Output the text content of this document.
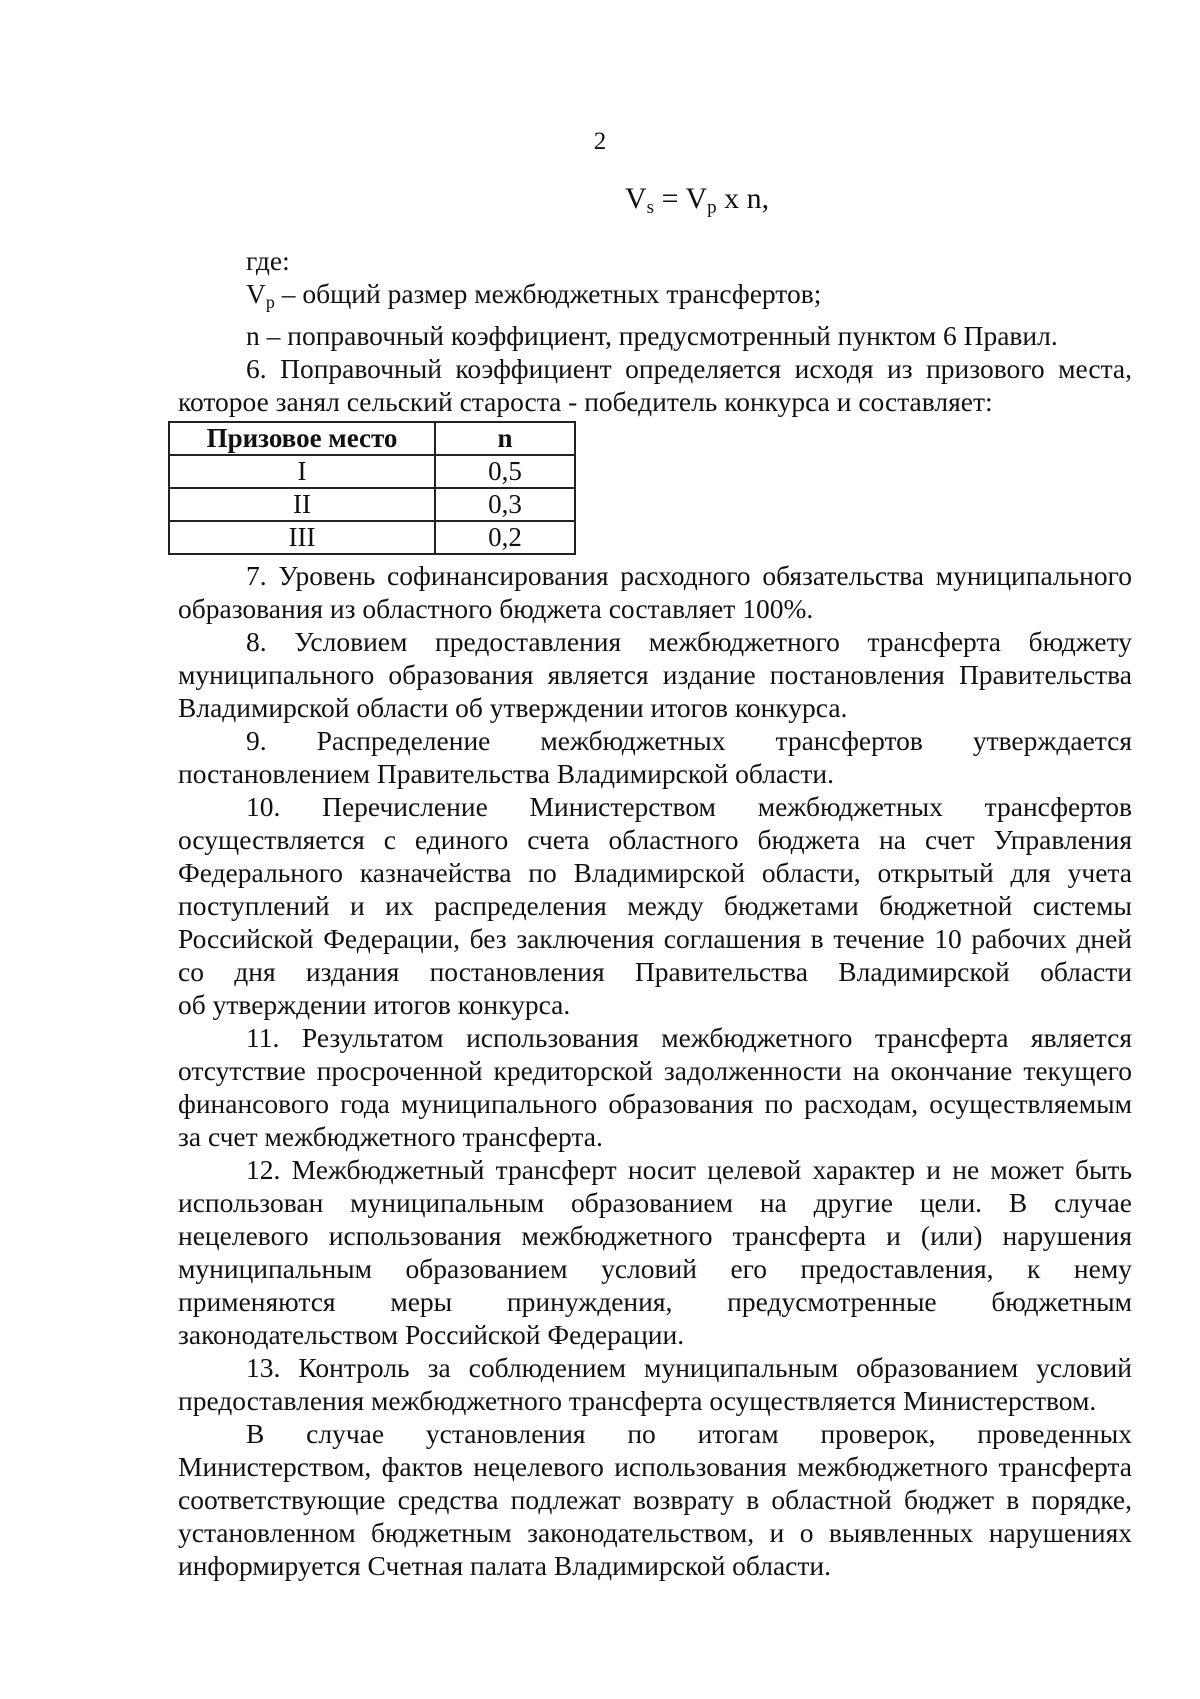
2
$V_s = V_p$ x n,
где:
$V_p$ – общий размер межбюджетных трансфертов;
n – поправочный коэффициент, предусмотренный пунктом 6 Правил.
6. Поправочный коэффициент определяется исходя из призового места,
которое занял сельский староста - победитель конкурса и составляет:
Призовое место	n
I	0,5
II	0,3
III	0,2
7. Уровень софинансирования расходного обязательства муниципального
образования из областного бюджета составляет 100%.
8. Условием предоставления межбюджетного трансферта бюджету
муниципального образования является издание постановления Правительства
Владимирской области об утверждении итогов конкурса.
9. Распределение межбюджетных трансфертов утверждается
постановлением Правительства Владимирской области.
10. Перечисление Министерством межбюджетных трансфертов
осуществляется с единого счета областного бюджета на счет Управления
Федерального казначейства по Владимирской области, открытый для учета
поступлений и их распределения между бюджетами бюджетной системы
Российской Федерации, без заключения соглашения в течение 10 рабочих дней
со дня издания постановления Правительства Владимирской области
об утверждении итогов конкурса.
11. Результатом использования межбюджетного трансферта является
отсутствие просроченной кредиторской задолженности на окончание текущего
финансового года муниципального образования по расходам, осуществляемым
за счет межбюджетного трансферта.
12. Межбюджетный трансферт носит целевой характер и не может быть
использован муниципальным образованием на другие цели. В случае
нецелевого использования межбюджетного трансферта и (или) нарушения
муниципальным образованием условий его предоставления, к нему
применяются меры принуждения, предусмотренные бюджетным
законодательством Российской Федерации.
13. Контроль за соблюдением муниципальным образованием условий
предоставления межбюджетного трансферта осуществляется Министерством.
В случае установления по итогам проверок, проведенных
Министерством, фактов нецелевого использования межбюджетного трансферта
соответствующие средства подлежат возврату в областной бюджет в порядке,
установленном бюджетным законодательством, и о выявленных нарушениях
информируется Счетная палата Владимирской области.
